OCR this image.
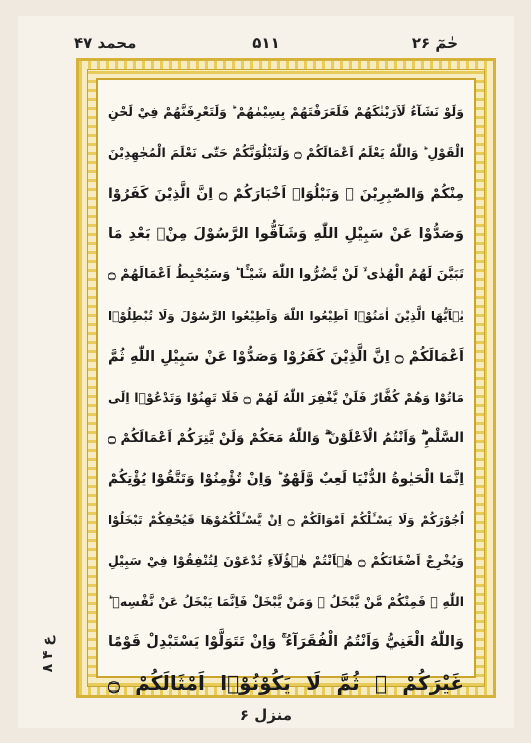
حٰمٓ ۲۶
۵۱۱
محمد ۴۷
وَلَوْ نَشَآءُ لَاَرَيْنٰكَهُمْ فَلَعَرَفْتَهُمْ بِسِيْمٰهُمْ ؕ وَلَتَعْرِفَنَّهُمْ فِيْ لَحْنِ
الْقَوْلِ ؕ وَاللّٰهُ يَعْلَمُ اَعْمَالَكُمْ ۝ وَلَنَبْلُوَنَّكُمْ حَتّٰى نَعْلَمَ الْمُجٰهِدِيْنَ
مِنْكُمْ وَالصّٰبِرِيْنَ ۙ وَنَبْلُوَا۠ اَخْبَارَكُمْ ۝ اِنَّ الَّذِيْنَ كَفَرُوْا
وَصَدُّوْا عَنْ سَبِيْلِ اللّٰهِ وَشَآقُّوا الرَّسُوْلَ مِنْۢ بَعْدِ مَا
تَبَيَّنَ لَهُمُ الْهُدٰى ۙ لَنْ يَّضُرُّوا اللّٰهَ شَيْـًٔا ؕ وَسَيُحْبِطُ اَعْمَالَهُمْ ۝
يٰۤاَيُّهَا الَّذِيْنَ اٰمَنُوْۤا اَطِيْعُوا اللّٰهَ وَاَطِيْعُوا الرَّسُوْلَ وَلَا تُبْطِلُوْۤا
اَعْمَالَكُمْ ۝ اِنَّ الَّذِيْنَ كَفَرُوْا وَصَدُّوْا عَنْ سَبِيْلِ اللّٰهِ ثُمَّ
مَاتُوْا وَهُمْ كُفَّارٌ فَلَنْ يَّغْفِرَ اللّٰهُ لَهُمْ ۝ فَلَا تَهِنُوْا وَتَدْعُوْۤا اِلَى
السَّلْمِ ۖۗ وَاَنْتُمُ الْاَعْلَوْنَ ۖۗ وَاللّٰهُ مَعَكُمْ وَلَنْ يَّتِرَكُمْ اَعْمَالَكُمْ ۝
اِنَّمَا الْحَيٰوةُ الدُّنْيَا لَعِبٌ وَّلَهْوٌ ؕ وَاِنْ تُؤْمِنُوْا وَتَتَّقُوْا يُؤْتِكُمْ
اُجُوْرَكُمْ وَلَا يَسْـَٔلْكُمْ اَمْوَالَكُمْ ۝ اِنْ يَّسْـَٔلْكُمُوْهَا فَيُحْفِكُمْ تَبْخَلُوْا
وَيُخْرِجْ اَضْغَانَكُمْ ۝ هٰۤاَنْتُمْ هٰۤؤُلَآءِ تُدْعَوْنَ لِتُنْفِقُوْا فِيْ سَبِيْلِ
اللّٰهِ ۚ فَمِنْكُمْ مَّنْ يَّبْخَلُ ۚ وَمَنْ يَّبْخَلْ فَاِنَّمَا يَبْخَلُ عَنْ نَّفْسِهٖ ؕ
وَاللّٰهُ الْغَنِيُّ وَاَنْتُمُ الْفُقَرَآءُ ۚ وَاِنْ تَتَوَلَّوْا يَسْتَبْدِلْ قَوْمًا
غَيْرَكُمْ ۙ ثُمَّ لَا يَكُوْنُوْۤا اَمْثَالَكُمْ ۝
ع ۴ ۸
منزل ۶
